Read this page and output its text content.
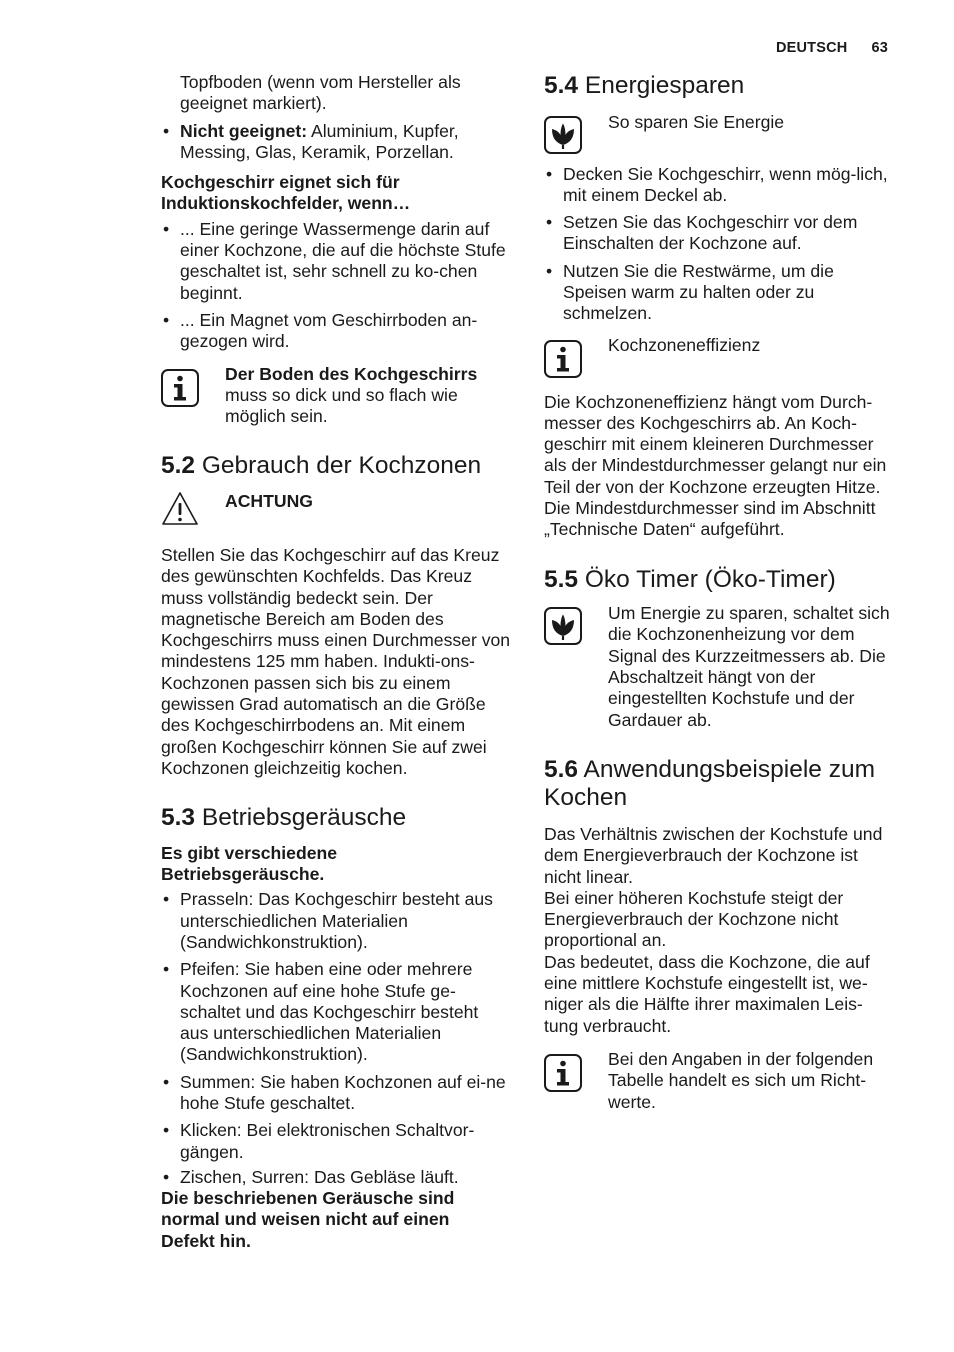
DEUTSCH 63

Topfboden (wenn vom Hersteller als geeignet markiert).

• Nicht geeignet: Aluminium, Kupfer, Messing, Glas, Keramik, Porzellan.

Kochgeschirr eignet sich für Induktionskochfelder, wenn…

• ... Eine geringe Wassermenge darin auf einer Kochzone, die auf die höchste Stufe geschaltet ist, sehr schnell zu ko-chen beginnt.

• ... Ein Magnet vom Geschirrboden an-gezogen wird.

Der Boden des Kochgeschirrs muss so dick und so flach wie möglich sein.

5.2 Gebrauch der Kochzonen

ACHTUNG

Stellen Sie das Kochgeschirr auf das Kreuz des gewünschten Kochfelds. Das Kreuz muss vollständig bedeckt sein. Der magnetische Bereich am Boden des Kochgeschirrs muss einen Durchmesser von mindestens 125 mm haben. Indukti-ons-Kochzonen passen sich bis zu einem gewissen Grad automatisch an die Größe des Kochgeschirrbodens an. Mit einem großen Kochgeschirr können Sie auf zwei Kochzonen gleichzeitig kochen.

5.3 Betriebsgeräusche

Es gibt verschiedene Betriebsgeräusche.

• Prasseln: Das Kochgeschirr besteht aus unterschiedlichen Materialien (Sandwichkonstruktion).

• Pfeifen: Sie haben eine oder mehrere Kochzonen auf eine hohe Stufe ge-schaltet und das Kochgeschirr besteht aus unterschiedlichen Materialien (Sandwichkonstruktion).

• Summen: Sie haben Kochzonen auf ei-ne hohe Stufe geschaltet.

• Klicken: Bei elektronischen Schaltvor-gängen.

• Zischen, Surren: Das Gebläse läuft.

Die beschriebenen Geräusche sind normal und weisen nicht auf einen Defekt hin.

5.4 Energiesparen

So sparen Sie Energie

• Decken Sie Kochgeschirr, wenn mög-lich, mit einem Deckel ab.

• Setzen Sie das Kochgeschirr vor dem Einschalten der Kochzone auf.

• Nutzen Sie die Restwärme, um die Speisen warm zu halten oder zu schmelzen.

Kochzoneneffizienz

Die Kochzoneneffizienz hängt vom Durch-messer des Kochgeschirrs ab. An Koch-geschirr mit einem kleineren Durchmesser als der Mindestdurchmesser gelangt nur ein Teil der von der Kochzone erzeugten Hitze. Die Mindestdurchmesser sind im Abschnitt „Technische Daten“ aufgeführt.

5.5 Öko Timer (Öko-Timer)

Um Energie zu sparen, schaltet sich die Kochzonenheizung vor dem Signal des Kurzzeitmessers ab. Die Abschaltzeit hängt von der eingestellten Kochstufe und der Gardauer ab.

5.6 Anwendungsbeispiele zum Kochen

Das Verhältnis zwischen der Kochstufe und dem Energieverbrauch der Kochzone ist nicht linear.

Bei einer höheren Kochstufe steigt der Energieverbrauch der Kochzone nicht proportional an.

Das bedeutet, dass die Kochzone, die auf eine mittlere Kochstufe eingestellt ist, we-niger als die Hälfte ihrer maximalen Leis-tung verbraucht.

Bei den Angaben in der folgenden Tabelle handelt es sich um Richt-werte.
